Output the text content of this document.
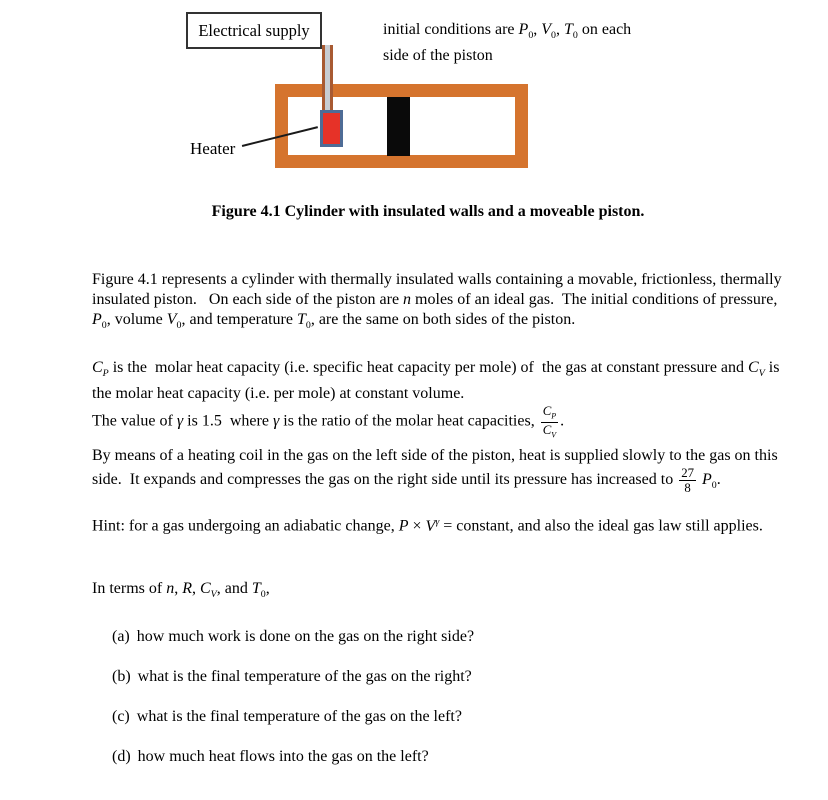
Electrical supply	initial conditions are $P_0$, $V_0$, $T_0$ on each
side of the piston
Heater
Figure 4.1 Cylinder with insulated walls and a moveable piston.
Figure 4.1 represents a cylinder with thermally insulated walls containing a movable, frictionless, thermally insulated piston.   On each side of the piston are n moles of an ideal gas.  The initial conditions of pressure, $P_0$, volume $V_0$, and temperature $T_0$, are the same on both sides of the piston.
$C_P$ is the  molar heat capacity (i.e. specific heat capacity per mole) of  the gas at constant pressure and $C_V$ is the molar heat capacity (i.e. per mole) at constant volume.
The value of γ is 1.5  where γ is the ratio of the molar heat capacities, $\frac{C_P}{C_V}$ .
By means of a heating coil in the gas on the left side of the piston, heat is supplied slowly to the gas on this side.  It expands and compresses the gas on the right side until its pressure has increased to $\frac{27}{8} P_0$.
Hint: for a gas undergoing an adiabatic change, $P \times V^\gamma$ = constant, and also the ideal gas law still applies.
In terms of n, R, $C_V$, and $T_0$,
(a) how much work is done on the gas on the right side?
(b) what is the final temperature of the gas on the right?
(c) what is the final temperature of the gas on the left?
(d) how much heat flows into the gas on the left?
